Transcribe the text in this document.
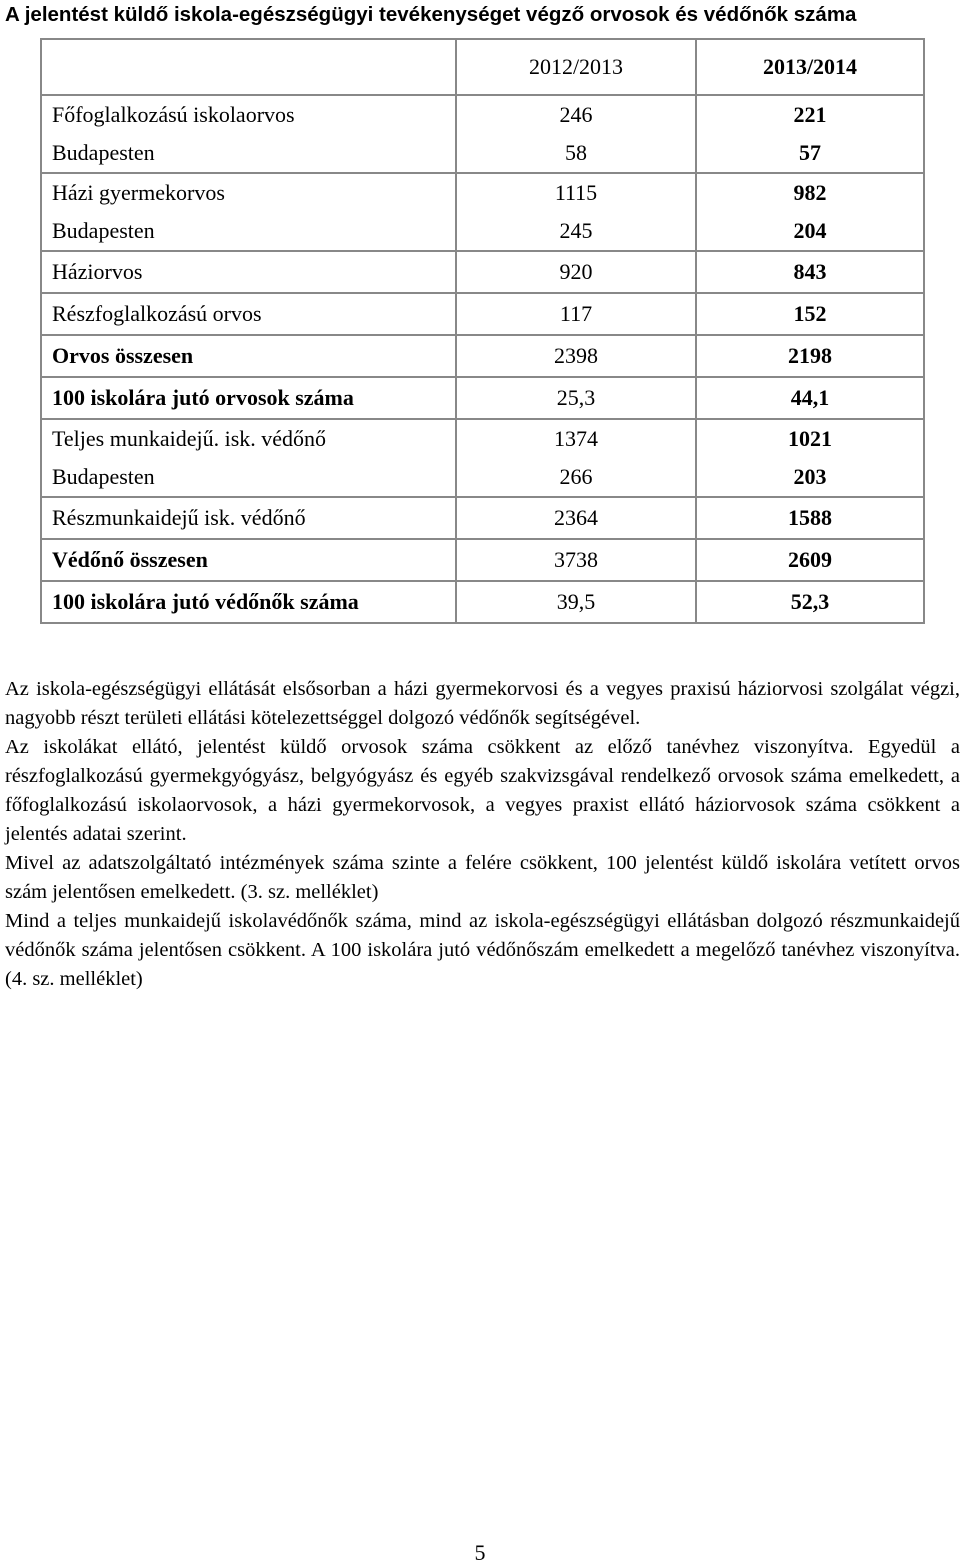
A jelentést küldő iskola-egészségügyi tevékenységet végző orvosok és védőnők száma
	2012/2013	2013/2014
Főfoglalkozású iskolaorvos	246	221
Budapesten	58	57
Házi gyermekorvos	1115	982
Budapesten	245	204
Háziorvos	920	843
Részfoglalkozású orvos	117	152
Orvos összesen	2398	2198
100 iskolára jutó orvosok száma	25,3	44,1
Teljes munkaidejű. isk. védőnő	1374	1021
Budapesten	266	203
Részmunkaidejű isk. védőnő	2364	1588
Védőnő összesen	3738	2609
100 iskolára jutó védőnők száma	39,5	52,3

Az iskola-egészségügyi ellátását elsősorban a házi gyermekorvosi és a vegyes praxisú háziorvosi szolgálat végzi, nagyobb részt területi ellátási kötelezettséggel dolgozó védőnők segítségével.

Az iskolákat ellátó, jelentést küldő orvosok száma csökkent az előző tanévhez viszonyítva. Egyedül a részfoglalkozású gyermekgyógyász, belgyógyász és egyéb szakvizsgával rendelkező orvosok száma emelkedett, a főfoglalkozású iskolaorvosok, a házi gyermekorvosok, a vegyes praxist ellátó háziorvosok száma csökkent a jelentés adatai szerint.

Mivel az adatszolgáltató intézmények száma szinte a felére csökkent, 100 jelentést küldő iskolára vetített orvos szám jelentősen emelkedett. (3. sz. melléklet)

Mind a teljes munkaidejű iskolavédőnők száma, mind az iskola-egészségügyi ellátásban dolgozó részmunkaidejű védőnők száma jelentősen csökkent. A 100 iskolára jutó védőnőszám emelkedett a megelőző tanévhez viszonyítva. (4. sz. melléklet)

5
